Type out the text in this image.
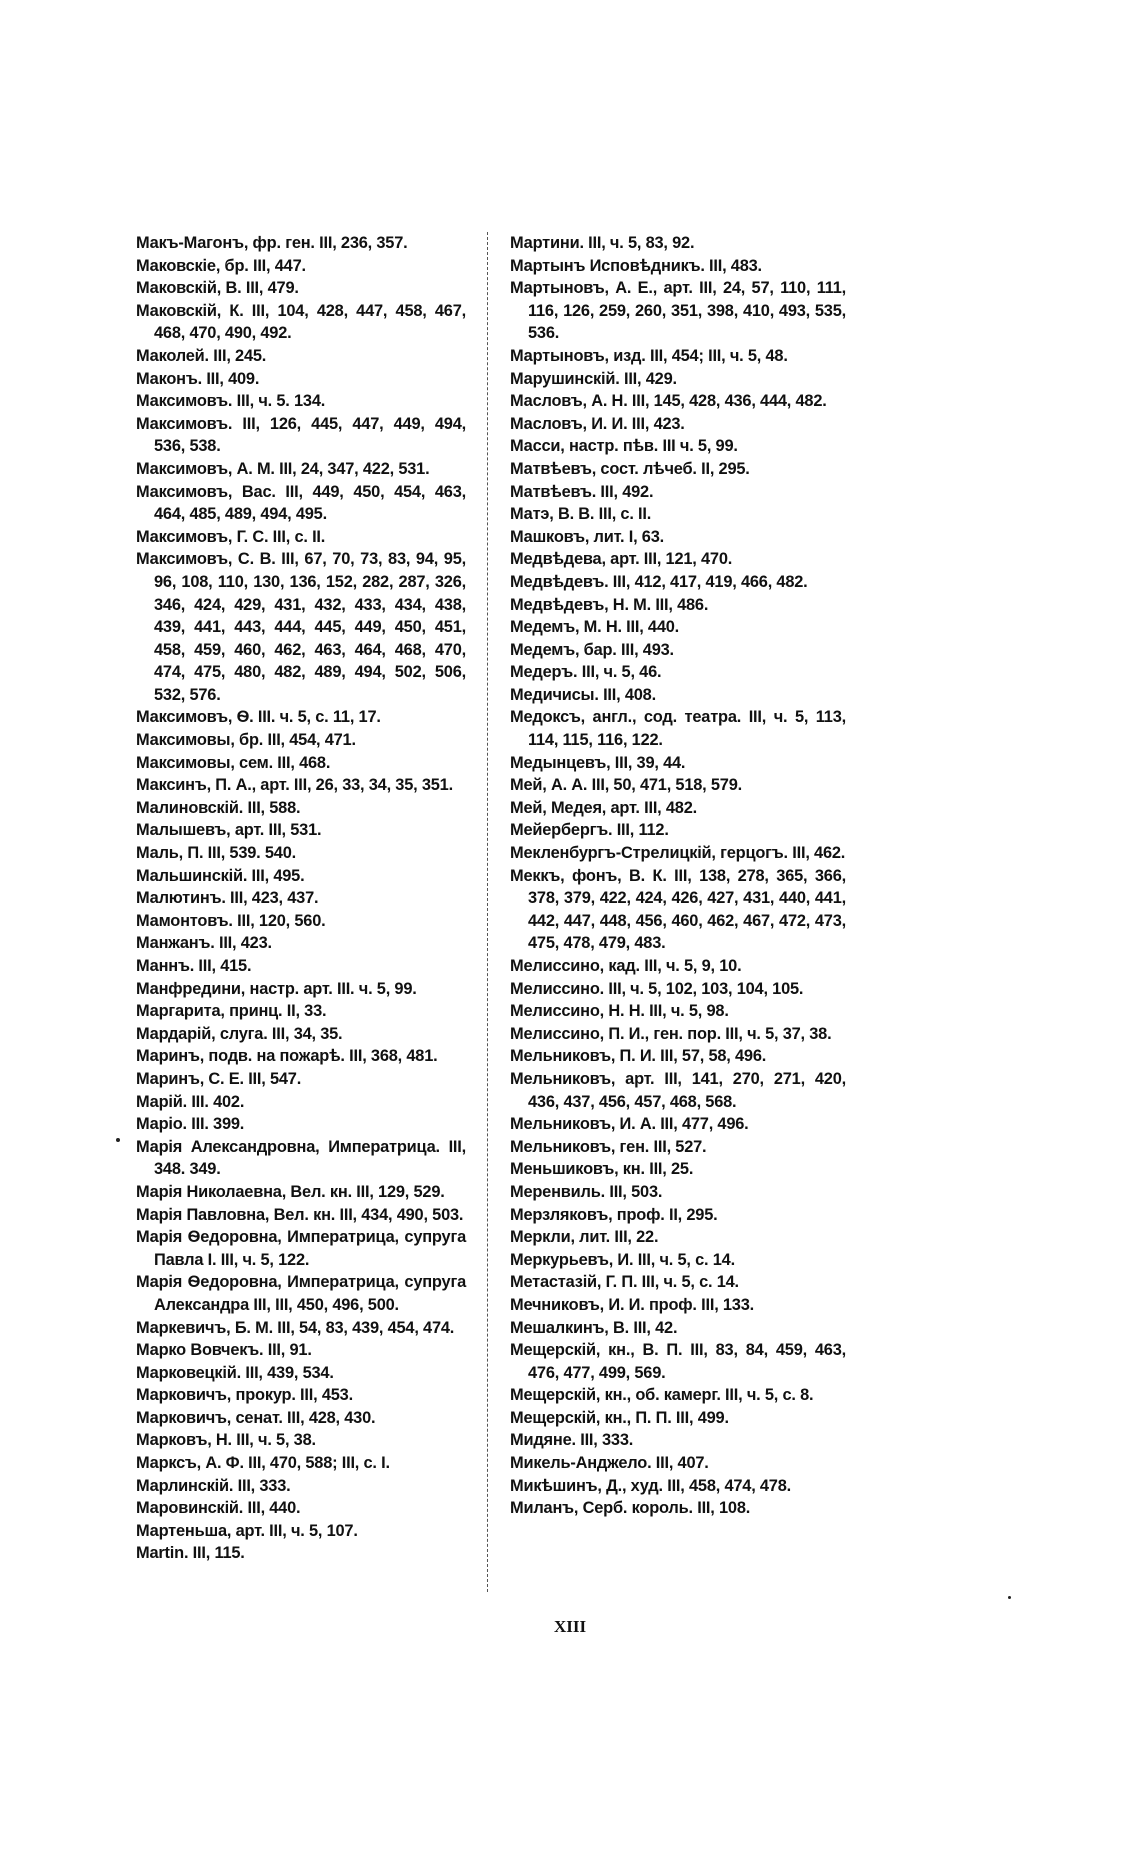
Макъ-Магонъ, фр. ген. III, 236, 357.
Маковскіе, бр. III, 447.
Маковскій, В. III, 479.
Маковскій, К. III, 104, 428, 447, 458, 467, 468, 470, 490, 492.
Маколей. III, 245.
Маконъ. III, 409.
Максимовъ. III, ч. 5. 134.
Максимовъ. III, 126, 445, 447, 449, 494, 536, 538.
Максимовъ, А. М. III, 24, 347, 422, 531.
Максимовъ, Вас. III, 449, 450, 454, 463, 464, 485, 489, 494, 495.
Максимовъ, Г. С. III, с. II.
Максимовъ, С. В. III, 67, 70, 73, 83, 94, 95, 96, 108, 110, 130, 136, 152, 282, 287, 326, 346, 424, 429, 431, 432, 433, 434, 438, 439, 441, 443, 444, 445, 449, 450, 451, 458, 459, 460, 462, 463, 464, 468, 470, 474, 475, 480, 482, 489, 494, 502, 506, 532, 576.
Максимовъ, Ѳ. III. ч. 5, с. 11, 17.
Максимовы, бр. III, 454, 471.
Максимовы, сем. III, 468.
Максинъ, П. А., арт. III, 26, 33, 34, 35, 351.
Малиновскій. III, 588.
Малышевъ, арт. III, 531.
Маль, П. III, 539. 540.
Мальшинскій. III, 495.
Малютинъ. III, 423, 437.
Мамонтовъ. III, 120, 560.
Манжанъ. III, 423.
Маннъ. III, 415.
Манфредини, настр. арт. III. ч. 5, 99.
Маргарита, принц. II, 33.
Мардарій, слуга. III, 34, 35.
Маринъ, подв. на пожарѣ. III, 368, 481.
Маринъ, С. Е. III, 547.
Марій. III. 402.
Маріо. III. 399.
Марія Александровна, Императрица. III, 348. 349.
Марія Николаевна, Вел. кн. III, 129, 529.
Марія Павловна, Вел. кн. III, 434, 490, 503.
Марія Ѳедоровна, Императрица, супруга Павла I. III, ч. 5, 122.
Марія Ѳедоровна, Императрица, супруга Александра III, III, 450, 496, 500.
Маркевичъ, Б. М. III, 54, 83, 439, 454, 474.
Марко Вовчекъ. III, 91.
Марковецкій. III, 439, 534.
Марковичъ, прокур. III, 453.
Марковичъ, сенат. III, 428, 430.
Марковъ, Н. III, ч. 5, 38.
Марксъ, А. Ф. III, 470, 588; III, с. I.
Марлинскій. III, 333.
Маровинскій. III, 440.
Мартеньша, арт. III, ч. 5, 107.
Martin. III, 115.
Мартини. III, ч. 5, 83, 92.
Мартынъ Исповѣдникъ. III, 483.
Мартыновъ, А. Е., арт. III, 24, 57, 110, 111, 116, 126, 259, 260, 351, 398, 410, 493, 535, 536.
Мартыновъ, изд. III, 454; III, ч. 5, 48.
Марушинскій. III, 429.
Масловъ, А. Н. III, 145, 428, 436, 444, 482.
Масловъ, И. И. III, 423.
Масси, настр. пѣв. III ч. 5, 99.
Матвѣевъ, сост. лѣчеб. II, 295.
Матвѣевъ. III, 492.
Матэ, В. В. III, с. II.
Машковъ, лит. I, 63.
Медвѣдева, арт. III, 121, 470.
Медвѣдевъ. III, 412, 417, 419, 466, 482.
Медвѣдевъ, Н. М. III, 486.
Медемъ, М. Н. III, 440.
Медемъ, бар. III, 493.
Медеръ. III, ч. 5, 46.
Медичисы. III, 408.
Медоксъ, англ., сод. театра. III, ч. 5, 113, 114, 115, 116, 122.
Медынцевъ, III, 39, 44.
Мей, А. А. III, 50, 471, 518, 579.
Мей, Медея, арт. III, 482.
Мейербергъ. III, 112.
Мекленбургъ-Стрелицкій, герцогъ. III, 462.
Меккъ, фонъ, В. К. III, 138, 278, 365, 366, 378, 379, 422, 424, 426, 427, 431, 440, 441, 442, 447, 448, 456, 460, 462, 467, 472, 473, 475, 478, 479, 483.
Мелиссино, кад. III, ч. 5, 9, 10.
Мелиссино. III, ч. 5, 102, 103, 104, 105.
Мелиссино, Н. Н. III, ч. 5, 98.
Мелиссино, П. И., ген. пор. III, ч. 5, 37, 38.
Мельниковъ, П. И. III, 57, 58, 496.
Мельниковъ, арт. III, 141, 270, 271, 420, 436, 437, 456, 457, 468, 568.
Мельниковъ, И. А. III, 477, 496.
Мельниковъ, ген. III, 527.
Меньшиковъ, кн. III, 25.
Меренвиль. III, 503.
Мерзляковъ, проф. II, 295.
Меркли, лит. III, 22.
Меркурьевъ, И. III, ч. 5, с. 14.
Метастазій, Г. П. III, ч. 5, с. 14.
Мечниковъ, И. И. проф. III, 133.
Мешалкинъ, В. III, 42.
Мещерскій, кн., В. П. III, 83, 84, 459, 463, 476, 477, 499, 569.
Мещерскій, кн., об. камерг. III, ч. 5, с. 8.
Мещерскій, кн., П. П. III, 499.
Мидяне. III, 333.
Микель-Анджело. III, 407.
Микѣшинъ, Д., худ. III, 458, 474, 478.
Миланъ, Серб. король. III, 108.
XIII
